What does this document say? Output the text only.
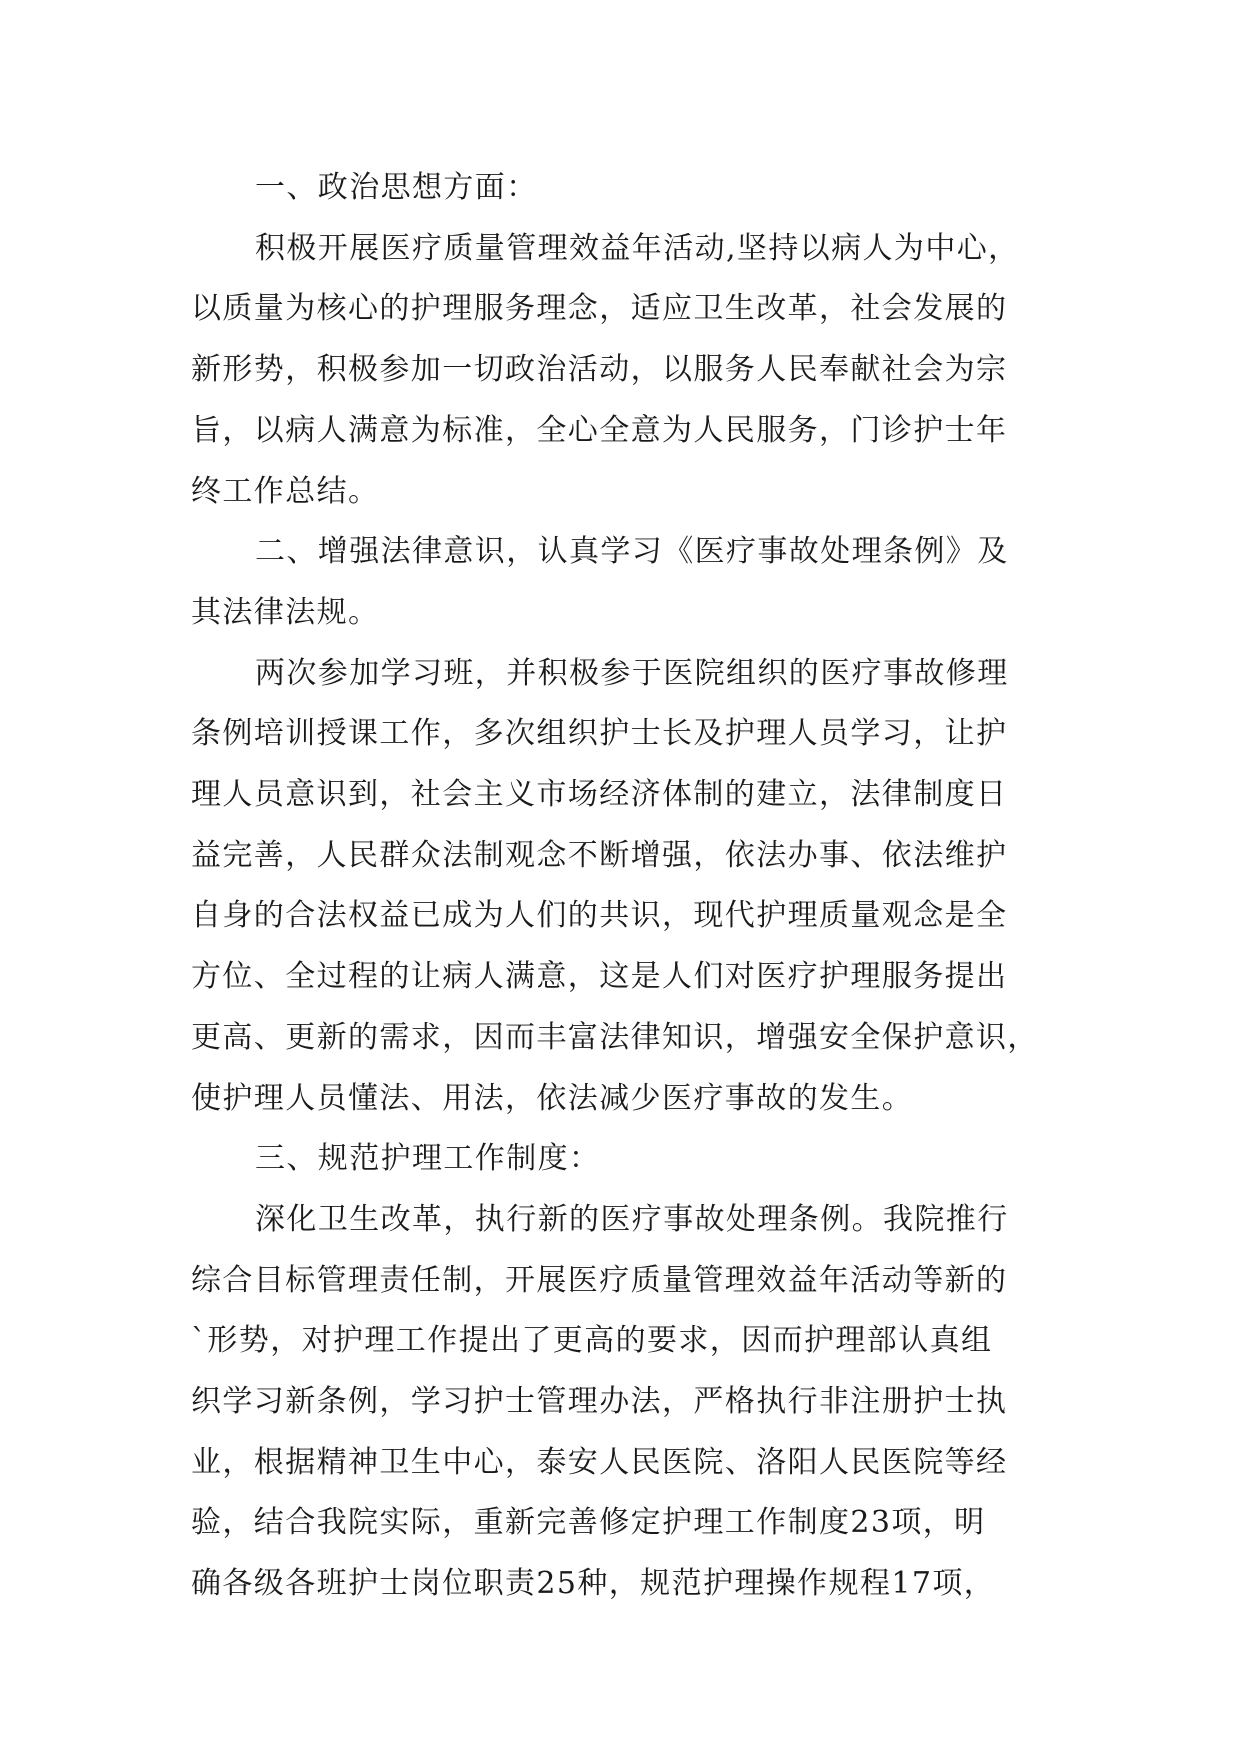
一、政治思想方面：
积极开展医疗质量管理效益年活动,坚持以病人为中心，
以质量为核心的护理服务理念，适应卫生改革，社会发展的
新形势，积极参加一切政治活动，以服务人民奉献社会为宗
旨，以病人满意为标准，全心全意为人民服务，门诊护士年
终工作总结。
二、增强法律意识，认真学习《医疗事故处理条例》及
其法律法规。
两次参加学习班，并积极参于医院组织的医疗事故修理
条例培训授课工作，多次组织护士长及护理人员学习，让护
理人员意识到，社会主义市场经济体制的建立，法律制度日
益完善，人民群众法制观念不断增强，依法办事、依法维护
自身的合法权益已成为人们的共识，现代护理质量观念是全
方位、全过程的让病人满意，这是人们对医疗护理服务提出
更高、更新的需求，因而丰富法律知识，增强安全保护意识，
使护理人员懂法、用法，依法减少医疗事故的发生。
三、规范护理工作制度：
深化卫生改革，执行新的医疗事故处理条例。我院推行
综合目标管理责任制，开展医疗质量管理效益年活动等新的
`形势，对护理工作提出了更高的要求，因而护理部认真组
织学习新条例，学习护士管理办法，严格执行非注册护士执
业，根据精神卫生中心，泰安人民医院、洛阳人民医院等经
验，结合我院实际，重新完善修定护理工作制度23项，明
确各级各班护士岗位职责25种，规范护理操作规程17项，
